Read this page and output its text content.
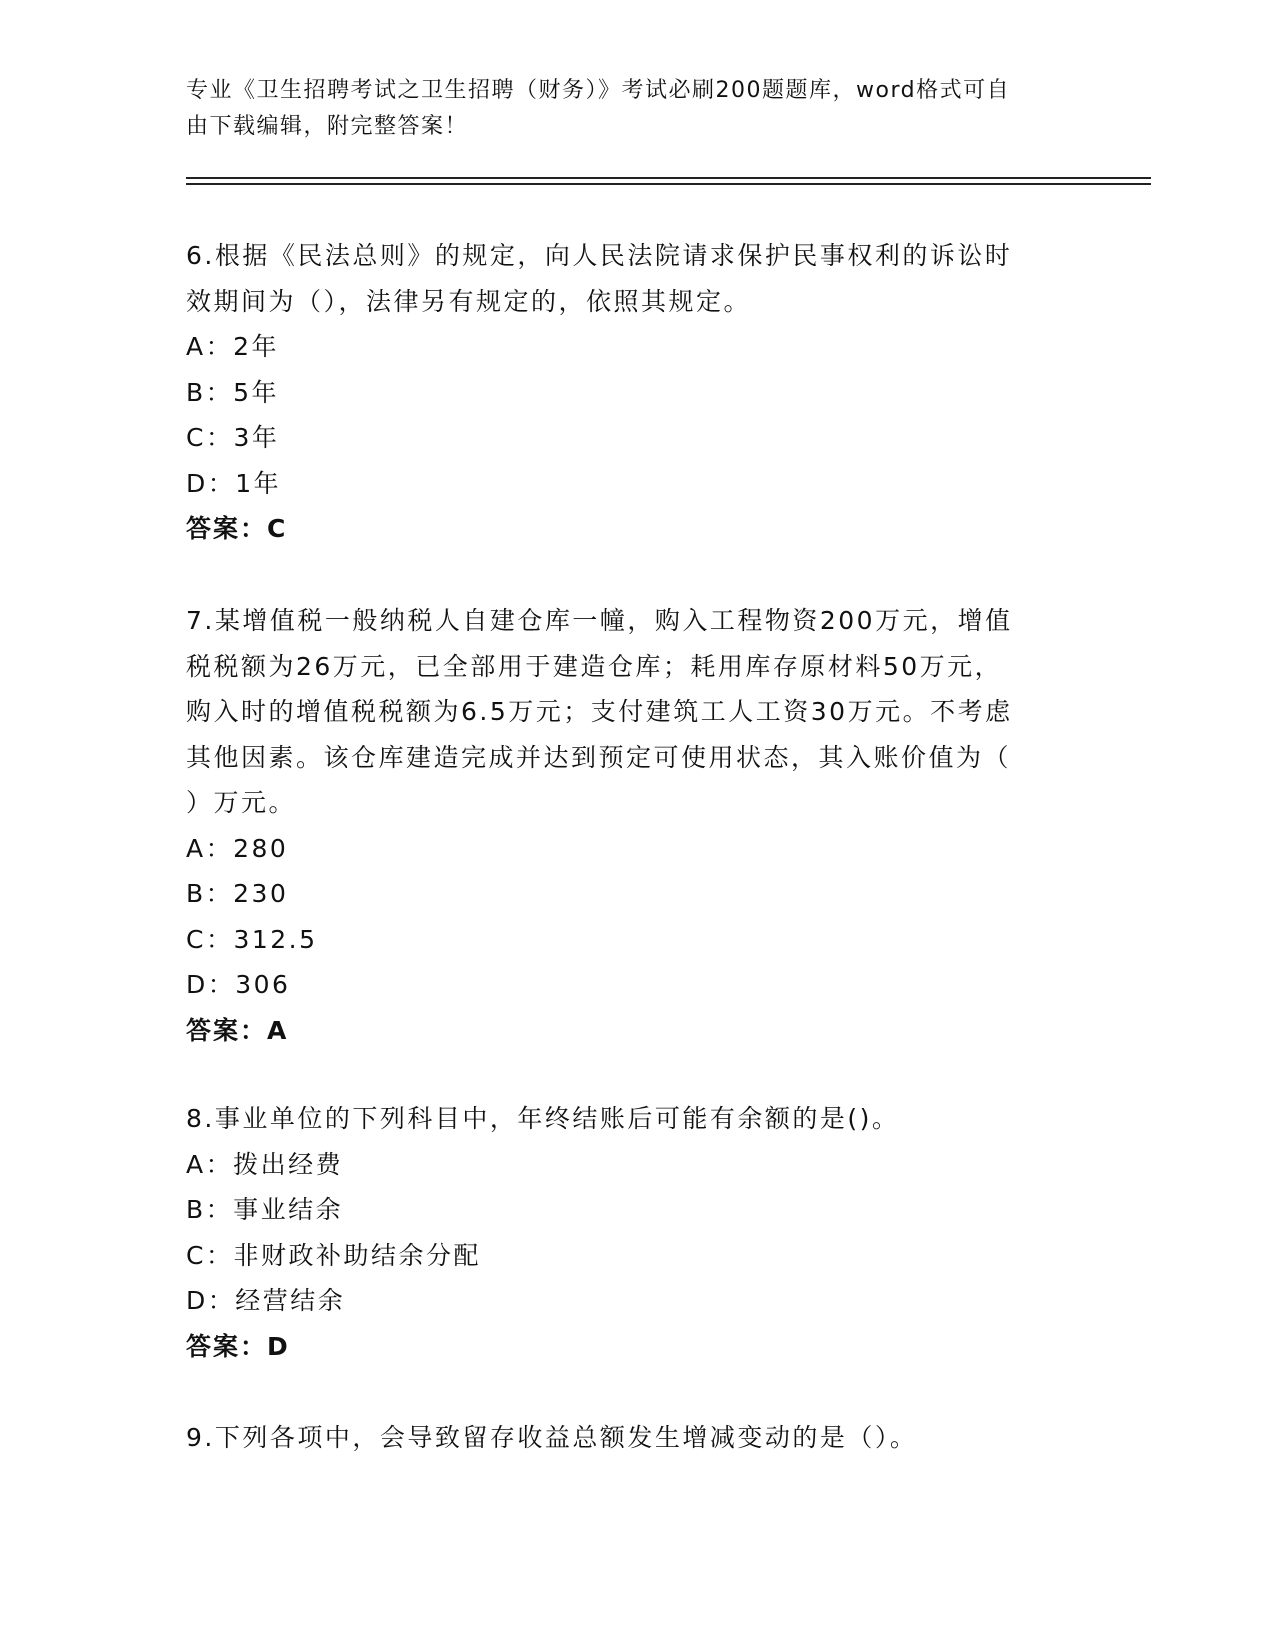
专业《卫生招聘考试之卫生招聘（财务）》考试必刷200题题库，word格式可自
由下载编辑，附完整答案！
6.根据《民法总则》的规定，向人民法院请求保护民事权利的诉讼时
效期间为（），法律另有规定的，依照其规定。
A：2年
B：5年
C：3年
D：1年
答案：C
7.某增值税一般纳税人自建仓库一幢，购入工程物资200万元，增值
税税额为26万元，已全部用于建造仓库；耗用库存原材料50万元，
购入时的增值税税额为6.5万元；支付建筑工人工资30万元。不考虑
其他因素。该仓库建造完成并达到预定可使用状态，其入账价值为（
）万元。
A：280
B：230
C：312.5
D：306
答案：A
8.事业单位的下列科目中，年终结账后可能有余额的是()。
A：拨出经费
B：事业结余
C：非财政补助结余分配
D：经营结余
答案：D
9.下列各项中，会导致留存收益总额发生增减变动的是（）。
